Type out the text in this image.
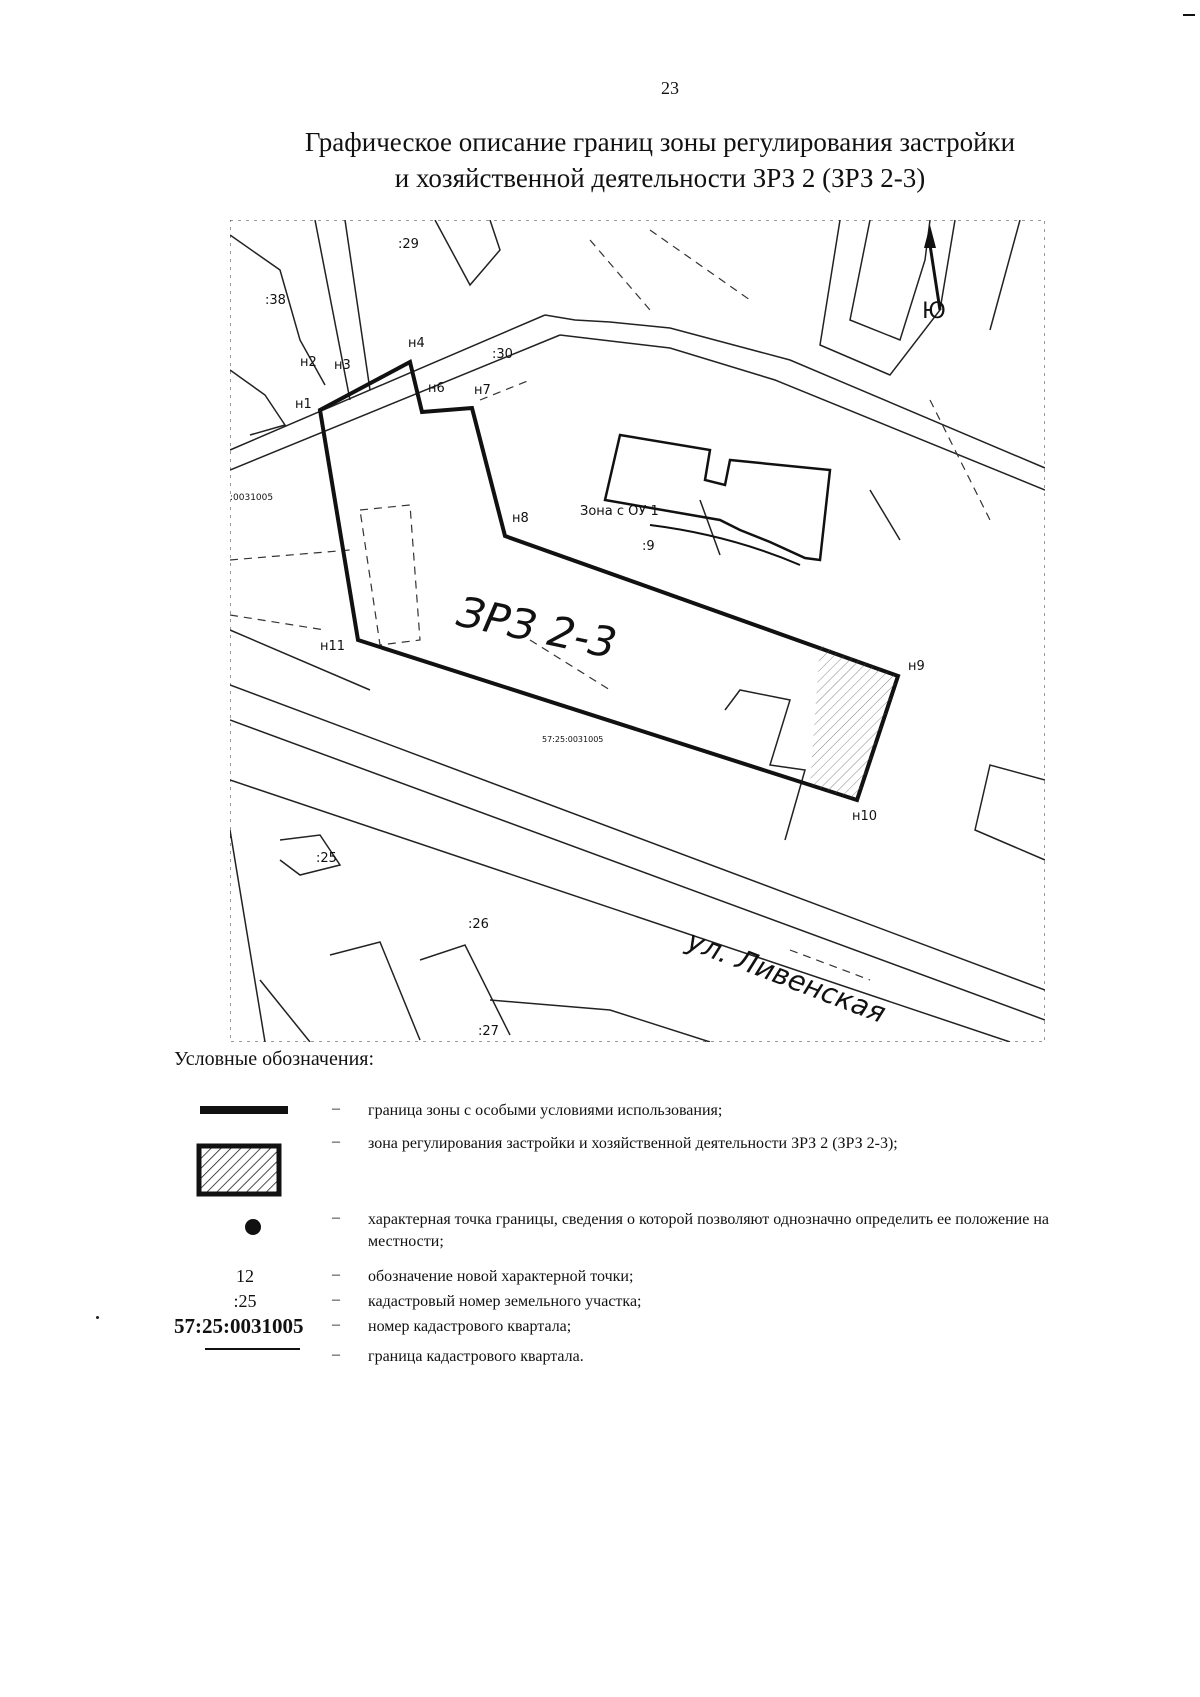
23
Графическое описание границ зоны регулирования застройки
и хозяйственной деятельности ЗРЗ 2 (ЗРЗ 2-3)
н1
н2 н3
н4
н6 н7
н8
н9
н10
н11
:29
:38
:30
:9
:25
:26
:27
Зона с ОУ 1
ЗРЗ 2-3
ул. Ливенская
Ю
57:25:0031005
:0031005
Условные обозначения:
– граница зоны с особыми условиями использования;
– зона регулирования застройки и хозяйственной деятельности ЗРЗ 2 (ЗРЗ 2-3);
– характерная точка границы, сведения о которой позволяют однозначно определить ее положение на местности;
12	– обозначение новой характерной точки;
:25	– кадастровый номер земельного участка;
57:25:0031005	– номер кадастрового квартала;
– граница кадастрового квартала.
